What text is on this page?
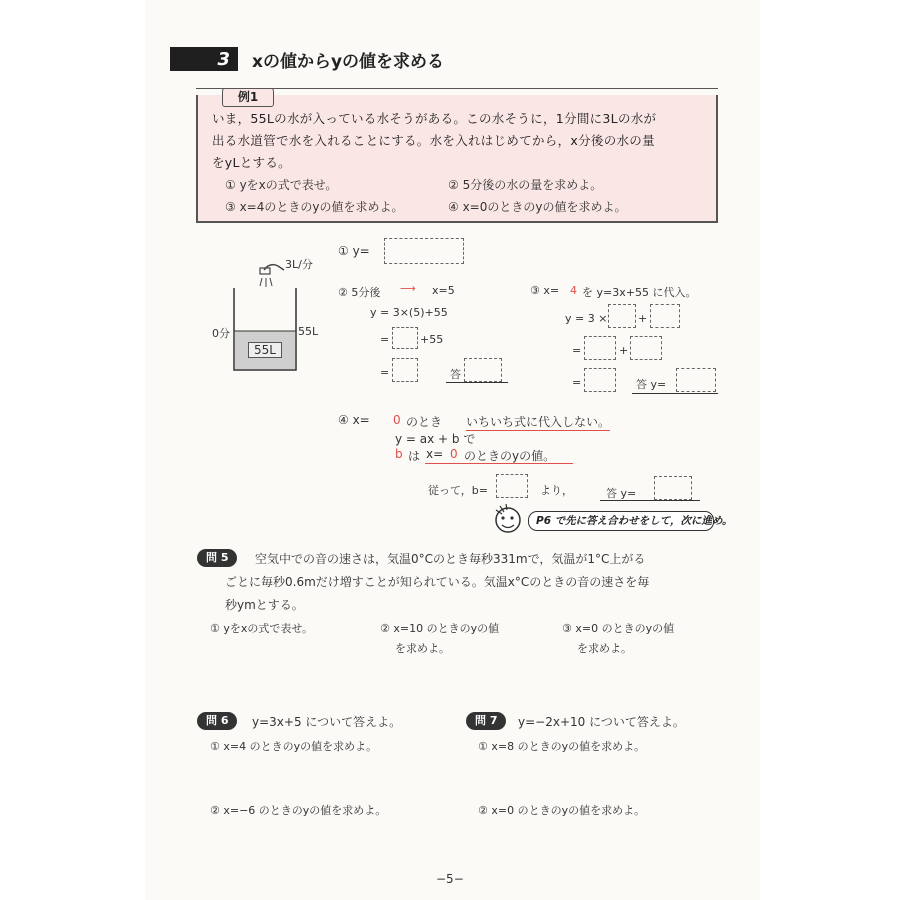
3	xの値からyの値を求める
例1
いま，55Lの水が入っている水そうがある。この水そうに，1分間に3Lの水が
出る水道管で水を入れることにする。水を入れはじめてから，x分後の水の量
をyLとする。
① yをxの式で表せ。	② 5分後の水の量を求めよ。
③ x=4のときのyの値を求めよ。	④ x=0のときのyの値を求めよ。
3L/分
0分	55L
55L
① y=
② 5分後 ⟶ x=5
y = 3×(5)+55
=	+55
=	答
③ x= 4 を y=3x+55 に代入。
y = 3 ×	+
=	+
=	答 y=
④ x= 0 のとき いちいち式に代入しない。
y = ax + b で
b は x= 0 のときのyの値。
従って，b=	より，	答 y=
P6 で先に答え合わせをして，次に進め。
問 5	空気中での音の速さは，気温0°Cのとき毎秒331mで，気温が1°C上がる
ごとに毎秒0.6mだけ増すことが知られている。気温x°Cのときの音の速さを毎
秒ymとする。
① yをxの式で表せ。	② x=10 のときのyの値
を求めよ。
③ x=0 のときのyの値
を求めよ。
問 6	y=3x+5 について答えよ。
① x=4 のときのyの値を求めよ。
② x=−6 のときのyの値を求めよ。
問 7	y=−2x+10 について答えよ。
① x=8 のときのyの値を求めよ。
② x=0 のときのyの値を求めよ。
−5−
